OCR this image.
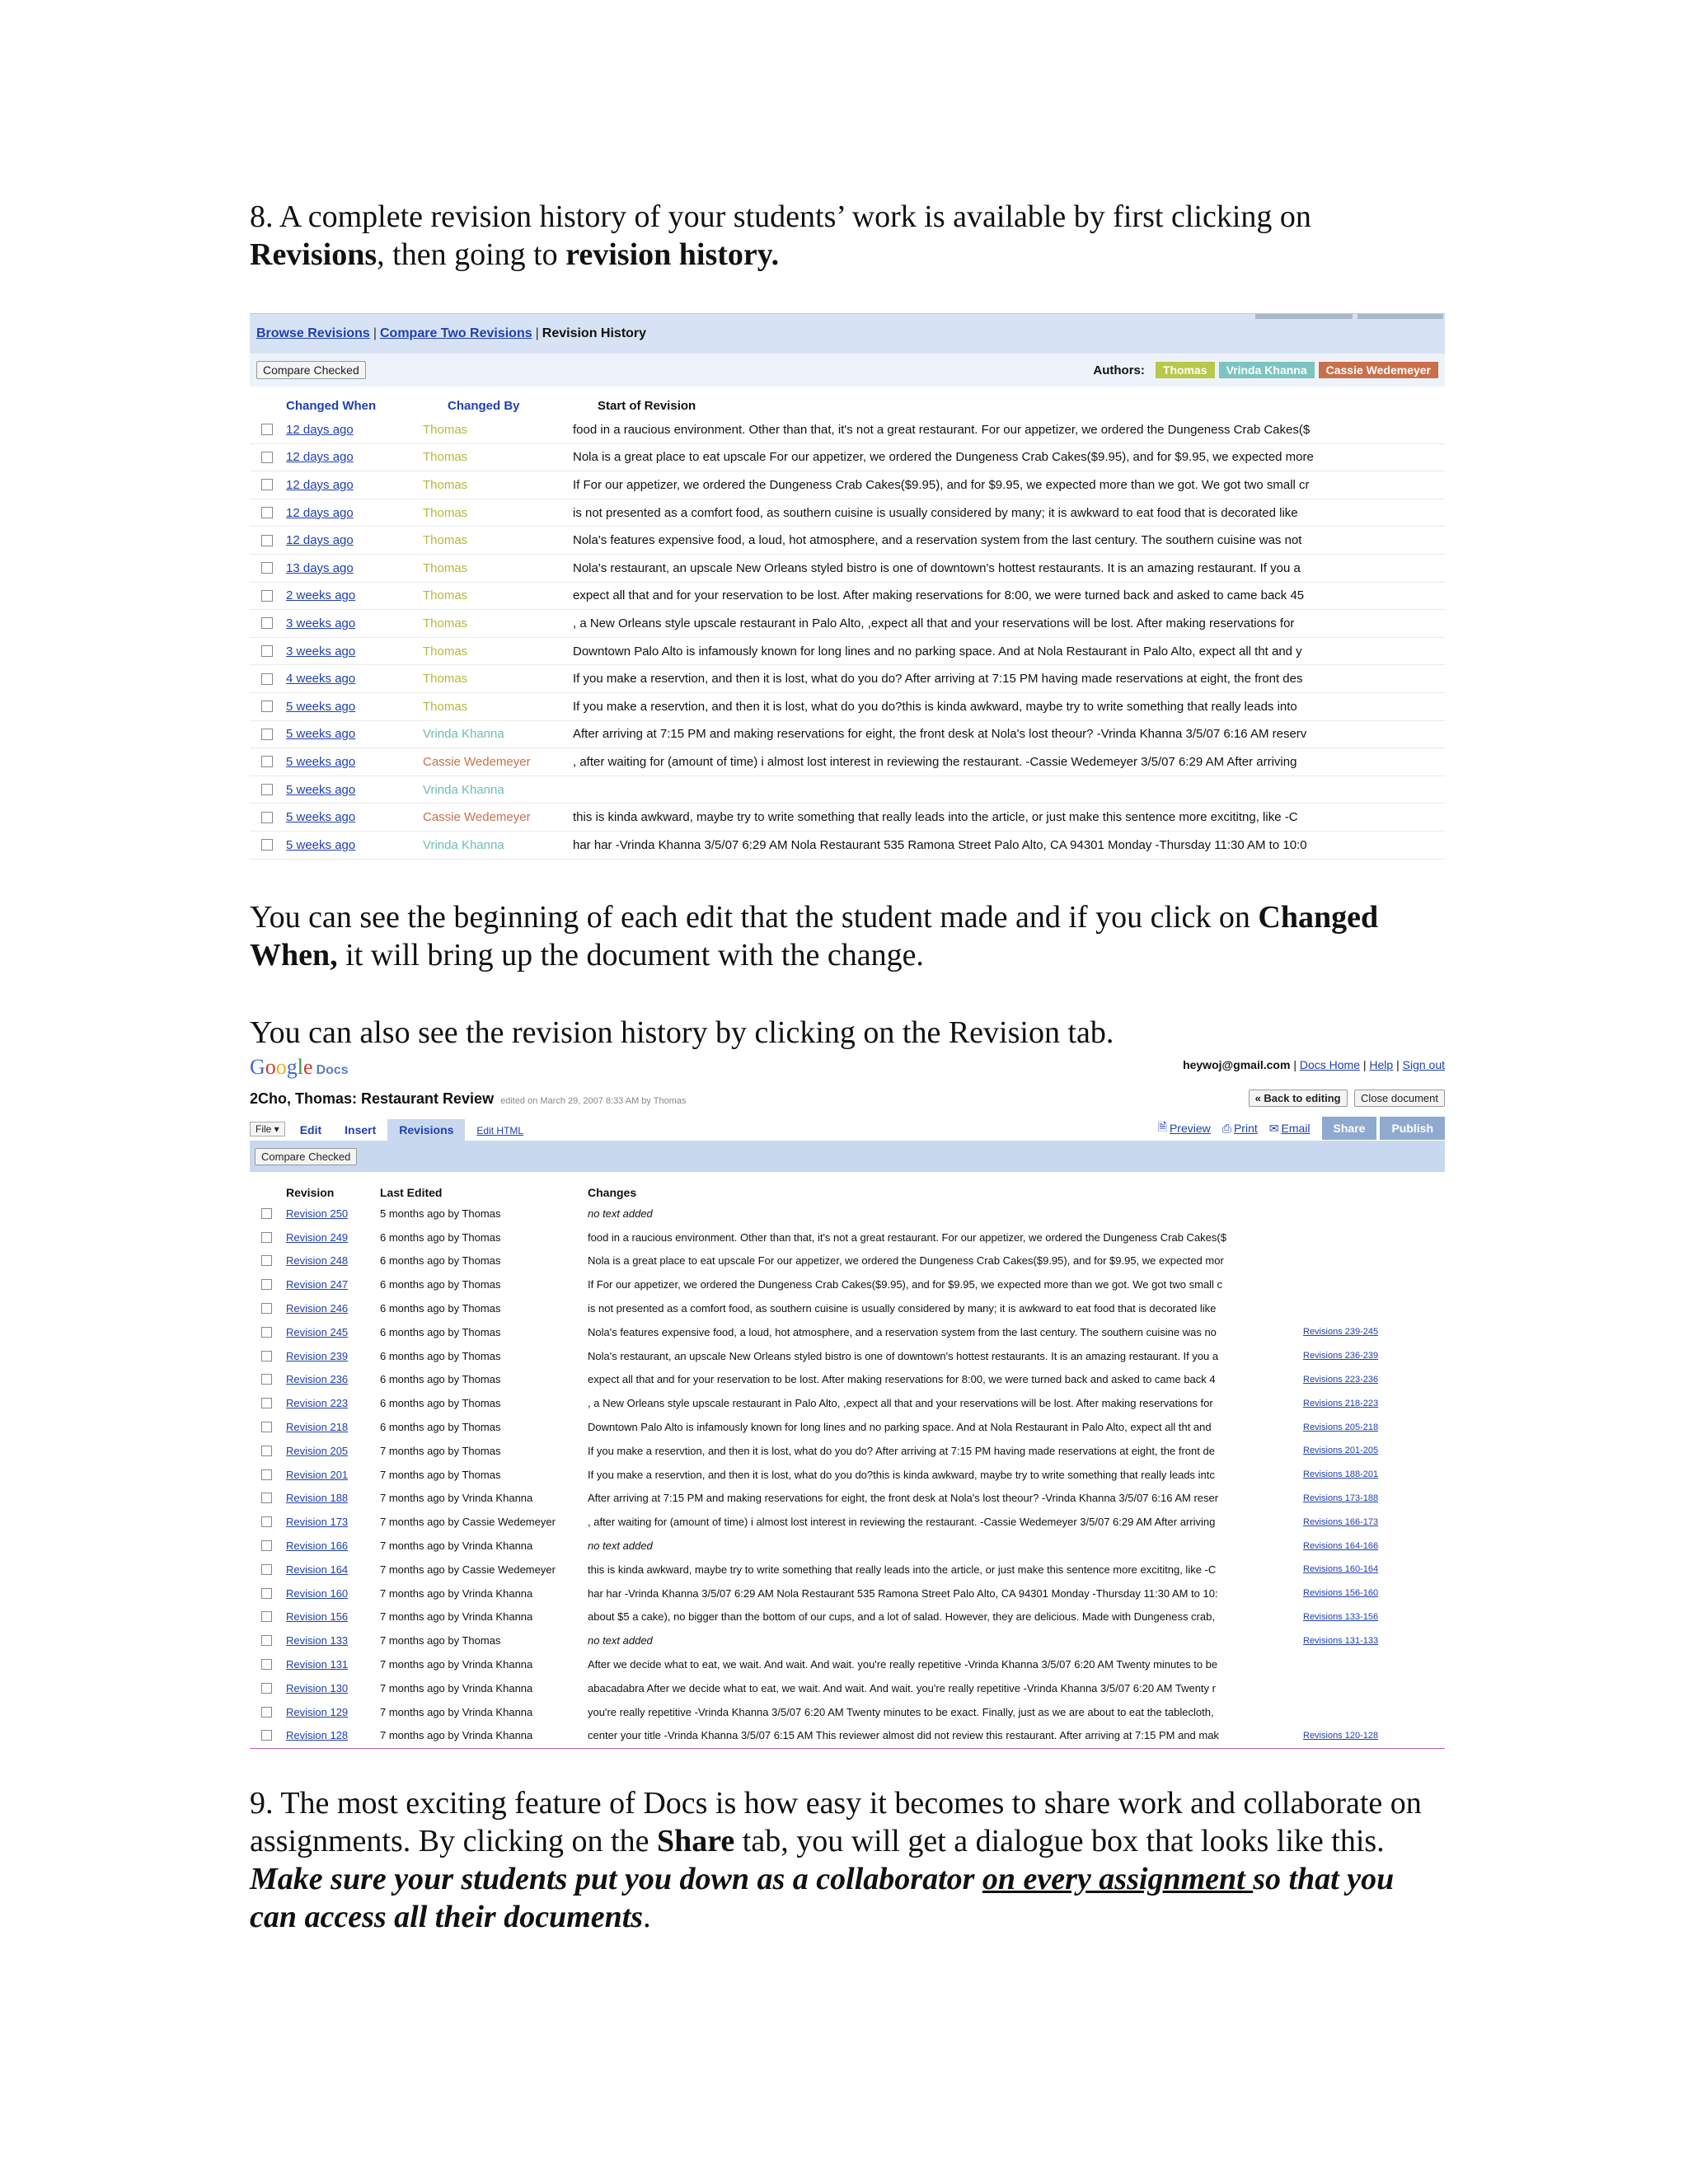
8. A complete revision history of your students’ work is available by first clicking on Revisions, then going to revision history.

Browse Revisions | Compare Two Revisions | Revision History
Compare Checked	Authors:	Thomas Vrinda Khanna Cassie Wedemeyer
Changed When	Changed By	Start of Revision
12 days ago	Thomas	food in a raucious environment. Other than that, it's not a great restaurant. For our appetizer, we ordered the Dungeness Crab Cakes($
12 days ago	Thomas	Nola is a great place to eat upscale For our appetizer, we ordered the Dungeness Crab Cakes($9.95), and for $9.95, we expected more
12 days ago	Thomas	If For our appetizer, we ordered the Dungeness Crab Cakes($9.95), and for $9.95, we expected more than we got. We got two small cr
12 days ago	Thomas	is not presented as a comfort food, as southern cuisine is usually considered by many; it is awkward to eat food that is decorated like
12 days ago	Thomas	Nola's features expensive food, a loud, hot atmosphere, and a reservation system from the last century. The southern cuisine was not
13 days ago	Thomas	Nola's restaurant, an upscale New Orleans styled bistro is one of downtown's hottest restaurants. It is an amazing restaurant. If you a
2 weeks ago	Thomas	expect all that and for your reservation to be lost. After making reservations for 8:00, we were turned back and asked to came back 45
3 weeks ago	Thomas	, a New Orleans style upscale restaurant in Palo Alto, ,expect all that and your reservations will be lost. After making reservations for
3 weeks ago	Thomas	Downtown Palo Alto is infamously known for long lines and no parking space. And at Nola Restaurant in Palo Alto, expect all tht and y
4 weeks ago	Thomas	If you make a reservtion, and then it is lost, what do you do? After arriving at 7:15 PM having made reservations at eight, the front des
5 weeks ago	Thomas	If you make a reservtion, and then it is lost, what do you do?this is kinda awkward, maybe try to write something that really leads into
5 weeks ago	Vrinda Khanna	After arriving at 7:15 PM and making reservations for eight, the front desk at Nola's lost theour? -Vrinda Khanna 3/5/07 6:16 AM reserv
5 weeks ago	Cassie Wedemeyer	, after waiting for (amount of time) i almost lost interest in reviewing the restaurant. -Cassie Wedemeyer 3/5/07 6:29 AM After arriving
5 weeks ago	Vrinda Khanna
5 weeks ago	Cassie Wedemeyer	this is kinda awkward, maybe try to write something that really leads into the article, or just make this sentence more excititng, like -C
5 weeks ago	Vrinda Khanna	har har -Vrinda Khanna 3/5/07 6:29 AM Nola Restaurant 535 Ramona Street Palo Alto, CA 94301 Monday -Thursday 11:30 AM to 10:0

You can see the beginning of each edit that the student made and if you click on Changed When, it will bring up the document with the change.

You can also see the revision history by clicking on the Revision tab.

Google Docs	heywoj@gmail.com | Docs Home | Help | Sign out
2Cho, Thomas: Restaurant Review edited on March 29, 2007 8:33 AM by Thomas	« Back to editing Close document
File ▾	Edit	Insert	Revisions	Edit HTML	🗎 Preview ⎙ Print ✉ Email	Share	Publish
Compare Checked
Revision	Last Edited	Changes
Revision 250	5 months ago by Thomas	no text added
Revision 249	6 months ago by Thomas	food in a raucious environment. Other than that, it's not a great restaurant. For our appetizer, we ordered the Dungeness Crab Cakes($
Revision 248	6 months ago by Thomas	Nola is a great place to eat upscale For our appetizer, we ordered the Dungeness Crab Cakes($9.95), and for $9.95, we expected mor
Revision 247	6 months ago by Thomas	If For our appetizer, we ordered the Dungeness Crab Cakes($9.95), and for $9.95, we expected more than we got. We got two small c
Revision 246	6 months ago by Thomas	is not presented as a comfort food, as southern cuisine is usually considered by many; it is awkward to eat food that is decorated like
Revision 245	6 months ago by Thomas	Nola's features expensive food, a loud, hot atmosphere, and a reservation system from the last century. The southern cuisine was no	Revisions 239-245
Revision 239	6 months ago by Thomas	Nola's restaurant, an upscale New Orleans styled bistro is one of downtown's hottest restaurants. It is an amazing restaurant. If you a	Revisions 236-239
Revision 236	6 months ago by Thomas	expect all that and for your reservation to be lost. After making reservations for 8:00, we were turned back and asked to came back 4	Revisions 223-236
Revision 223	6 months ago by Thomas	, a New Orleans style upscale restaurant in Palo Alto, ,expect all that and your reservations will be lost. After making reservations for	Revisions 218-223
Revision 218	6 months ago by Thomas	Downtown Palo Alto is infamously known for long lines and no parking space. And at Nola Restaurant in Palo Alto, expect all tht and	Revisions 205-218
Revision 205	7 months ago by Thomas	If you make a reservtion, and then it is lost, what do you do? After arriving at 7:15 PM having made reservations at eight, the front de	Revisions 201-205
Revision 201	7 months ago by Thomas	If you make a reservtion, and then it is lost, what do you do?this is kinda awkward, maybe try to write something that really leads intc	Revisions 188-201
Revision 188	7 months ago by Vrinda Khanna	After arriving at 7:15 PM and making reservations for eight, the front desk at Nola's lost theour? -Vrinda Khanna 3/5/07 6:16 AM reser	Revisions 173-188
Revision 173	7 months ago by Cassie Wedemeyer	, after waiting for (amount of time) i almost lost interest in reviewing the restaurant. -Cassie Wedemeyer 3/5/07 6:29 AM After arriving	Revisions 166-173
Revision 166	7 months ago by Vrinda Khanna	no text added	Revisions 164-166
Revision 164	7 months ago by Cassie Wedemeyer	this is kinda awkward, maybe try to write something that really leads into the article, or just make this sentence more excititng, like -C	Revisions 160-164
Revision 160	7 months ago by Vrinda Khanna	har har -Vrinda Khanna 3/5/07 6:29 AM Nola Restaurant 535 Ramona Street Palo Alto, CA 94301 Monday -Thursday 11:30 AM to 10:	Revisions 156-160
Revision 156	7 months ago by Vrinda Khanna	about $5 a cake), no bigger than the bottom of our cups, and a lot of salad. However, they are delicious. Made with Dungeness crab,	Revisions 133-156
Revision 133	7 months ago by Thomas	no text added	Revisions 131-133
Revision 131	7 months ago by Vrinda Khanna	After we decide what to eat, we wait. And wait. And wait. you're really repetitive -Vrinda Khanna 3/5/07 6:20 AM Twenty minutes to be
Revision 130	7 months ago by Vrinda Khanna	abacadabra After we decide what to eat, we wait. And wait. And wait. you're really repetitive -Vrinda Khanna 3/5/07 6:20 AM Twenty r
Revision 129	7 months ago by Vrinda Khanna	you're really repetitive -Vrinda Khanna 3/5/07 6:20 AM Twenty minutes to be exact. Finally, just as we are about to eat the tablecloth,
Revision 128	7 months ago by Vrinda Khanna	center your title -Vrinda Khanna 3/5/07 6:15 AM This reviewer almost did not review this restaurant. After arriving at 7:15 PM and mak	Revisions 120-128

9. The most exciting feature of Docs is how easy it becomes to share work and collaborate on assignments. By clicking on the Share tab, you will get a dialogue box that looks like this. Make sure your students put you down as a collaborator on every assignment so that you can access all their documents.
